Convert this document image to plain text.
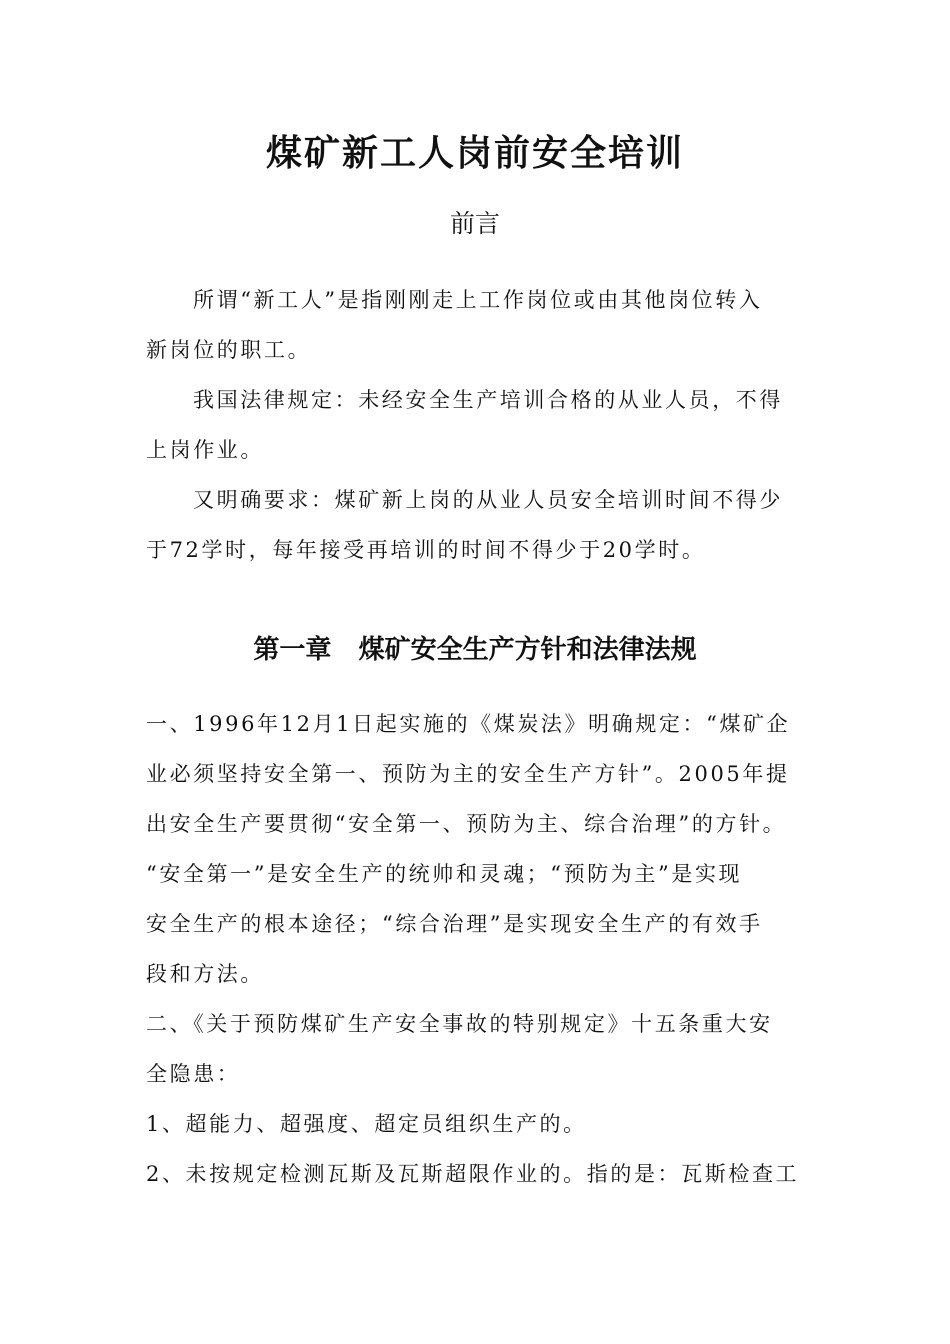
煤矿新工人岗前安全培训
前言
所谓“新工人”是指刚刚走上工作岗位或由其他岗位转入
新岗位的职工。
我国法律规定：未经安全生产培训合格的从业人员，不得
上岗作业。
又明确要求：煤矿新上岗的从业人员安全培训时间不得少
于72学时，每年接受再培训的时间不得少于20学时。
第一章   煤矿安全生产方针和法律法规
一、1996年12月1日起实施的《煤炭法》明确规定：“煤矿企
业必须坚持安全第一、预防为主的安全生产方针”。2005年提
出安全生产要贯彻“安全第一、预防为主、综合治理”的方针。
“安全第一”是安全生产的统帅和灵魂；“预防为主”是实现
安全生产的根本途径；“综合治理”是实现安全生产的有效手
段和方法。
二、《关于预防煤矿生产安全事故的特别规定》十五条重大安
全隐患：
1、超能力、超强度、超定员组织生产的。
2、未按规定检测瓦斯及瓦斯超限作业的。指的是：瓦斯检查工
